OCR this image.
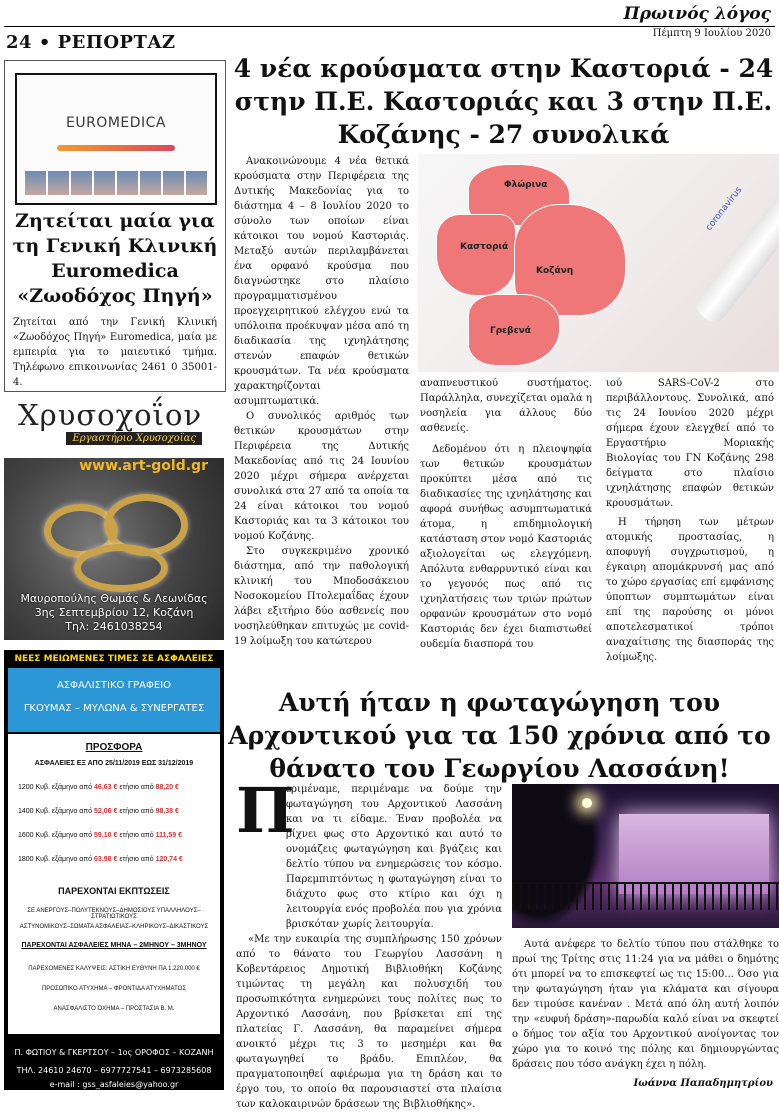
Πρωινός λόγος
Πέμπτη 9 Ιουλίου 2020
24 • ΡΕΠΟΡΤΑΖ
EUROMEDICA
Ζητείται μαία για τη Γενική Κλινική Euromedica «Ζωοδόχος Πηγή»
Ζητείται από την Γενική Κλινική «Ζωοδόχος Πηγή» Euromedica, μαία με εμπειρία για το μαιευτικό τμήμα. Τηλέφωνο επικοινωνίας 2461 0 35001-4.
Χρυσοχοΐον
Εργαστήριο Χρυσοχοΐας
www.art-gold.gr
Μαυροπούλης Θωμάς & Λεωνίδας
3ης Σεπτεμβρίου 12, Κοζάνη
Τηλ: 2461038254
ΝΕΕΣ ΜΕΙΩΜΕΝΕΣ ΤΙΜΕΣ ΣΕ ΑΣΦΑΛΕΙΕΣ
ΑΣΦΑΛΙΣΤΙΚΟ ΓΡΑΦΕΙΟ
ΓΚΟΥΜΑΣ – ΜΥΛΩΝΑ & ΣΥΝΕΡΓΑΤΕΣ
ΠΡΟΣΦΟΡΑ
ΑΣΦΑΛΕΙΕΣ ΕΞ ΑΠΟ 25/11/2019 ΕΩΣ 31/12/2019
1200 Κυβ. εξάμηνο από 46,63 € ετήσιο από 88,20 €
1400 Κυβ. εξάμηνο από 52,06 € ετήσιο από 98,38 €
1600 Κυβ. εξάμηνο από 59,10 € ετήσιο από 111,59 €
1800 Κυβ. εξάμηνο από 63,98 € ετήσιο από 120,74 €
ΠΑΡΕΧΟΝΤΑΙ ΕΚΠΤΩΣΕΙΣ
ΣΕ ΑΝΕΡΓΟΥΣ–ΠΟΛΥΤΕΚΝΟΥΣ–ΔΗΜΟΣΙΟΥΣ ΥΠΑΛΛΗΛΟΥΣ–ΣΤΡΑΤΙΩΤΙΚΟΥΣ
ΑΣΤΥΝΟΜΙΚΟΥΣ–ΣΩΜΑΤΑ ΑΣΦΑΛΕΙΑΣ–ΚΛΗΡΙΚΟΥΣ–ΔΙΚΑΣΤΙΚΟΥΣ
ΠΑΡΕΧΟΝΤΑΙ ΑΣΦΑΛΕΙΕΣ ΜΗΝΑ – 2ΜΗΝΟΥ – 3ΜΗΝΟΥ
ΠΑΡΕΧΟΜΕΝΕΣ ΚΑΛΥΨΕΙΣ: ΑΣΤΙΚΗ ΕΥΘΥΝΗ ΠΑ 1.220.000 €
ΠΡΟΣΩΠΙΚΟ ΑΤΥΧΗΜΑ – ΦΡΟΝΤΙΔΑ ΑΤΥΧΗΜΑΤΟΣ
ΑΝΑΣΦΑΛΙΣΤΟ ΟΧΗΜΑ – ΠΡΟΣΤΑΣΙΑ Β. Μ.
Π. ΦΩΤΙΟΥ & ΓΚΕΡΤΣΟΥ – 1ος ΟΡΟΦΟΣ – ΚΟΖΑΝΗ
ΤΗΛ. 24610 24670 – 6977727541 – 6973285608
e-mail : gss_asfaleies@yahoo.gr
4 νέα κρούσματα στην Καστοριά - 24 στην Π.Ε. Καστοριάς και 3 στην Π.Ε. Κοζάνης - 27 συνολικά
Φλώρινα
Καστοριά
Κοζάνη
Γρεβενά
coronavirus

Ανακοινώνουμε 4 νέα θετικά κρούσματα στην Περιφέρεια της Δυτικής Μακεδονίας για το διάστημα 4 – 8 Ιουλίου 2020 το σύνολο των οποίων είναι κάτοικοι του νομού Καστοριάς. Μεταξύ αυτών περιλαμβάνεται ένα ορφανό κρούσμα που διαγνώστηκε στο πλαίσιο προγραμματισμένου προεγχειρητικού ελέγχου ενώ τα υπόλοιπα προέκυψαν μέσα από τη διαδικασία της ιχνηλάτησης στενών επαφών θετικών κρουσμάτων. Τα νέα κρούσματα χαρακτηρίζονται ασυμπτωματικά.

Ο συνολικός αριθμός των θετικών κρουσμάτων στην Περιφέρεια της Δυτικής Μακεδονίας από τις 24 Ιουνίου 2020 μέχρι σήμερα ανέρχεται συνολικά στα 27 από τα οποία τα 24 είναι κάτοικοι του νομού Καστοριάς και τα 3 κάτοικοι του νομού Κοζάνης.

Στο συγκεκριμένο χρονικό διάστημα, από την παθολογική κλινική του Μποδοσάκειου Νοσοκομείου Πτολεμαΐδας έχουν λάβει εξιτήριο δύο ασθενείς που νοσηλεύθηκαν επιτυχώς με covid-19 λοίμωξη του κατώτερου

αναπνευστικού συστήματος. Παράλληλα, συνεχίζεται ομαλά η νοσηλεία για άλλους δύο ασθενείς.

Δεδομένου ότι η πλειοψηφία των θετικών κρουσμάτων προκύπτει μέσα από τις διαδικασίες της ιχνηλάτησης και αφορά συνήθως ασυμπτωματικά άτομα, η επιδημιολογική κατάσταση στον νομό Καστοριάς αξιολογείται ως ελεγχόμενη. Απόλυτα ενθαρρυντικό είναι και το γεγονός πως από τις ιχνηλατήσεις των τριών πρώτων ορφανών κρουσμάτων στο νομό Καστοριάς δεν έχει διαπιστωθεί ουδεμία διασπορά του

ιού SARS-CoV-2 στο περιβάλλοντους. Συνολικά, από τις 24 Ιουνίου 2020 μέχρι σήμερα έχουν ελεγχθεί από το Εργαστήριο Μοριακής Βιολογίας του ΓΝ Κοζάνης 298 δείγματα στο πλαίσιο ιχνηλάτησης επαφών θετικών κρουσμάτων.

Η τήρηση των μέτρων ατομικής προστασίας, η αποφυγή συγχρωτισμού, η έγκαιρη απομάκρυνσή μας από το χώρο εργασίας επί εμφάνισης ύποπτων συμπτωμάτων είναι επί της παρούσης οι μόνοι αποτελεσματικοί τρόποι αναχαίτισης της διασποράς της λοίμωξης.

Αυτή ήταν η φωταγώγηση του Αρχοντικού για τα 150 χρόνια από το θάνατο του Γεωργίου Λασσάνη!
Π

εριμέναμε, περιμέναμε να δούμε την φωταγώγηση του Αρχοντικού Λασσάνη και να τι είδαμε. Έναν προβολέα να ρίχνει φως στο Αρχοντικό και αυτό το ονομάζεις φωταγώγηση και βγάζεις και δελτίο τύπου να ενημερώσεις τον κόσμο. Παρεμπιπτόντως η φωταγώγηση είναι το διάχυτο φως στο κτίριο και όχι η λειτουργία ενός προβολέα που για χρόνια βρισκόταν χωρίς λειτουργία.

«Με την ευκαιρία της συμπλήρωσης 150 χρόνων από το θάνατο του Γεωργίου Λασσάνη η Κοβεντάρειος Δημοτική Βιβλιοθήκη Κοζάνης τιμώντας τη μεγάλη και πολυσχιδή του προσωπικότητα ενημερώνει τους πολίτες πως το Αρχοντικό Λασσάνη, που βρίσκεται επί της πλατείας Γ. Λασσάνη, θα παραμείνει σήμερα ανοικτό μέχρι τις 3 το μεσημέρι και θα φωταγωγηθεί το βράδυ. Επιπλέον, θα πραγματοποιηθεί αφιέρωμα για τη δράση και το έργο του, το οποίο θα παρουσιαστεί στα πλαίσια των καλοκαιρινών δράσεων της Βιβλιοθήκης».

Αυτά ανέφερε το δελτίο τύπου που στάλθηκε το πρωί της Τρίτης στις 11:24 για να μάθει ο δημότης ότι μπορεί να το επισκεφτεί ως τις 15:00... Όσο για την φωταγώγηση ήταν για κλάματα και σίγουρα δεν τιμούσε κανέναν . Μετά από όλη αυτή λοιπόν την «ευφυή δράση»-παρωδία καλό είναι να σκεφτεί ο δήμος τον αξία του Αρχοντικού ανοίγοντας τον χώρο για το κοινό της πόλης και δημιουργώντας δράσεις που τόσο ανάγκη έχει η πόλη.

Ιωάννα Παπαδημητρίου
